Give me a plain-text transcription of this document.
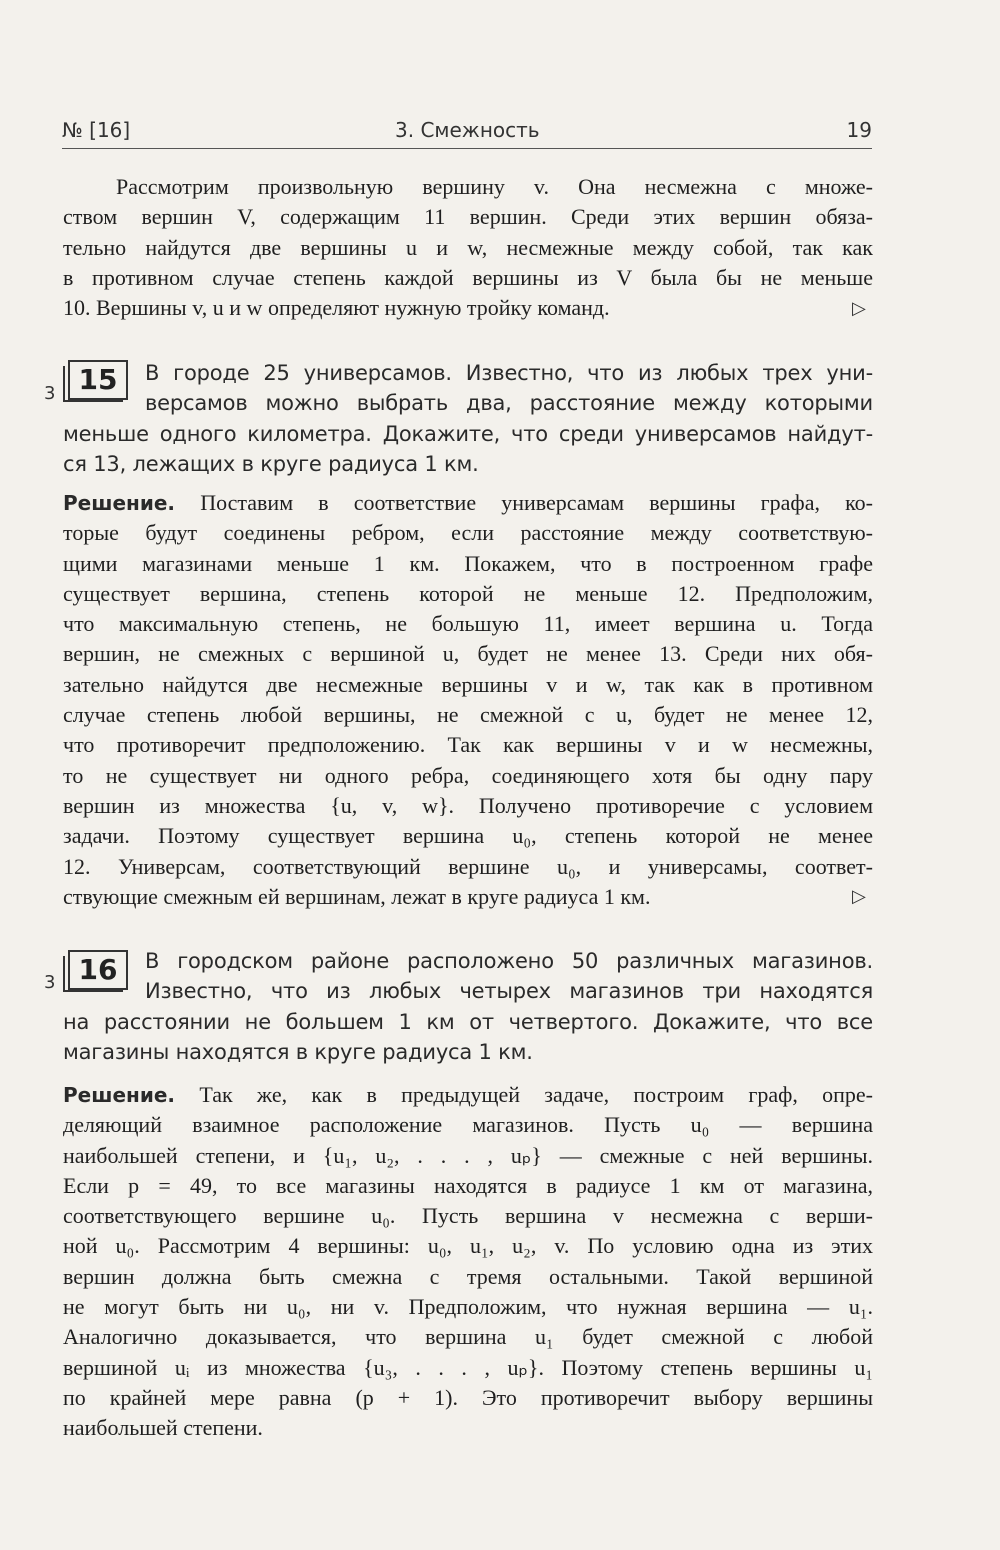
№ [16]	3. Смежность	19
Рассмотрим произвольную вершину v. Она несмежна с множе-
ством вершин V, содержащим 11 вершин. Среди этих вершин обяза-
тельно найдутся две вершины u и w, несмежные между собой, так как
в противном случае степень каждой вершины из V была бы не меньше
10. Вершины v, u и w определяют нужную тройку команд.	▷
3 15	В городе 25 универсамов. Известно, что из любых трех уни-
версамов можно выбрать два, расстояние между которыми
меньше одного километра. Докажите, что среди универсамов найдут-
ся 13, лежащих в круге радиуса 1 км.
Решение. Поставим в соответствие универсамам вершины графа, ко-
торые будут соединены ребром, если расстояние между соответствую-
щими магазинами меньше 1 км. Покажем, что в построенном графе
существует вершина, степень которой не меньше 12. Предположим,
что максимальную степень, не большую 11, имеет вершина u. Тогда
вершин, не смежных с вершиной u, будет не менее 13. Среди них обя-
зательно найдутся две несмежные вершины v и w, так как в противном
случае степень любой вершины, не смежной с u, будет не менее 12,
что противоречит предположению. Так как вершины v и w несмежны,
то не существует ни одного ребра, соединяющего хотя бы одну пару
вершин из множества {u, v, w}. Получено противоречие с условием
задачи. Поэтому существует вершина u₀, степень которой не менее
12. Универсам, соответствующий вершине u₀, и универсамы, соответ-
ствующие смежным ей вершинам, лежат в круге радиуса 1 км.	▷
3 16	В городском районе расположено 50 различных магазинов.
Известно, что из любых четырех магазинов три находятся
на расстоянии не большем 1 км от четвертого. Докажите, что все
магазины находятся в круге радиуса 1 км.
Решение. Так же, как в предыдущей задаче, построим граф, опре-
деляющий взаимное расположение магазинов. Пусть u₀ — вершина
наибольшей степени, и {u₁, u₂, . . . , uₚ} — смежные с ней вершины.
Если p = 49, то все магазины находятся в радиусе 1 км от магазина,
соответствующего вершине u₀. Пусть вершина v несмежна с верши-
ной u₀. Рассмотрим 4 вершины: u₀, u₁, u₂, v. По условию одна из этих
вершин должна быть смежна с тремя остальными. Такой вершиной
не могут быть ни u₀, ни v. Предположим, что нужная вершина — u₁.
Аналогично доказывается, что вершина u₁ будет смежной с любой
вершиной uᵢ из множества {u₃, . . . , uₚ}. Поэтому степень вершины u₁
по крайней мере равна (p + 1). Это противоречит выбору вершины
наибольшей степени.
